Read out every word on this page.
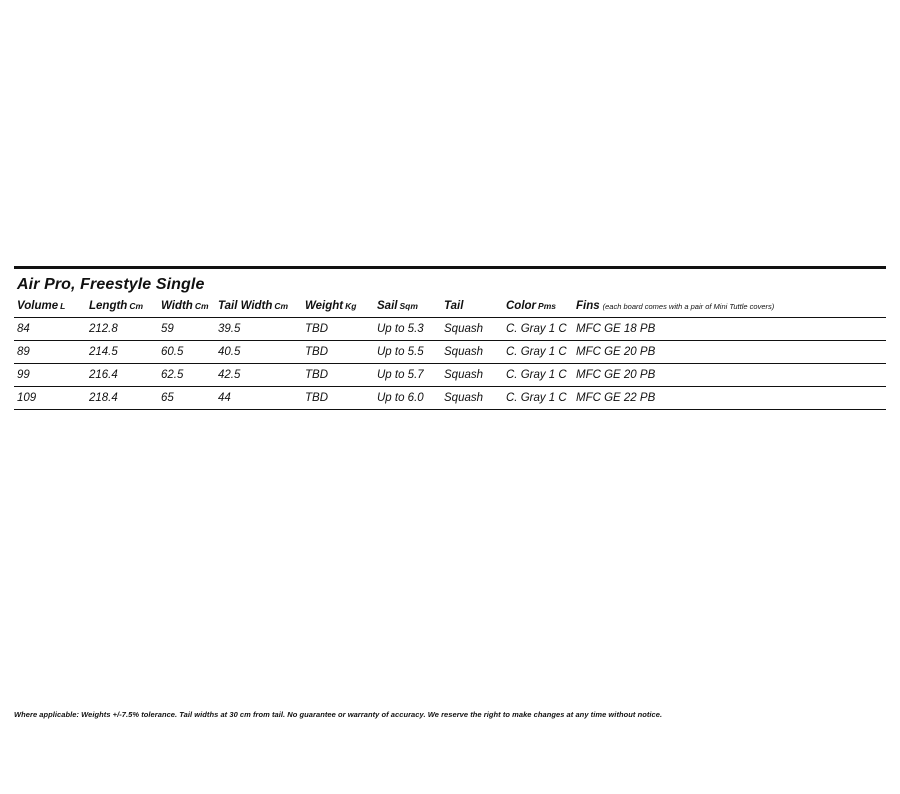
Air Pro, Freestyle Single
Volume L	Length Cm	Width Cm	Tail Width Cm	Weight Kg	Sail Sqm	Tail	Color Pms	Fins (each board comes with a pair of Mini Tuttle covers)
84	212.8	59	39.5	TBD	Up to 5.3	Squash	C. Gray 1 C	MFC GE 18 PB
89	214.5	60.5	40.5	TBD	Up to 5.5	Squash	C. Gray 1 C	MFC GE 20 PB
99	216.4	62.5	42.5	TBD	Up to 5.7	Squash	C. Gray 1 C	MFC GE 20 PB
109	218.4	65	44	TBD	Up to 6.0	Squash	C. Gray 1 C	MFC GE 22 PB
Where applicable: Weights +/-7.5% tolerance. Tail widths at 30 cm from tail. No guarantee or warranty of accuracy. We reserve the right to make changes at any time without notice.
